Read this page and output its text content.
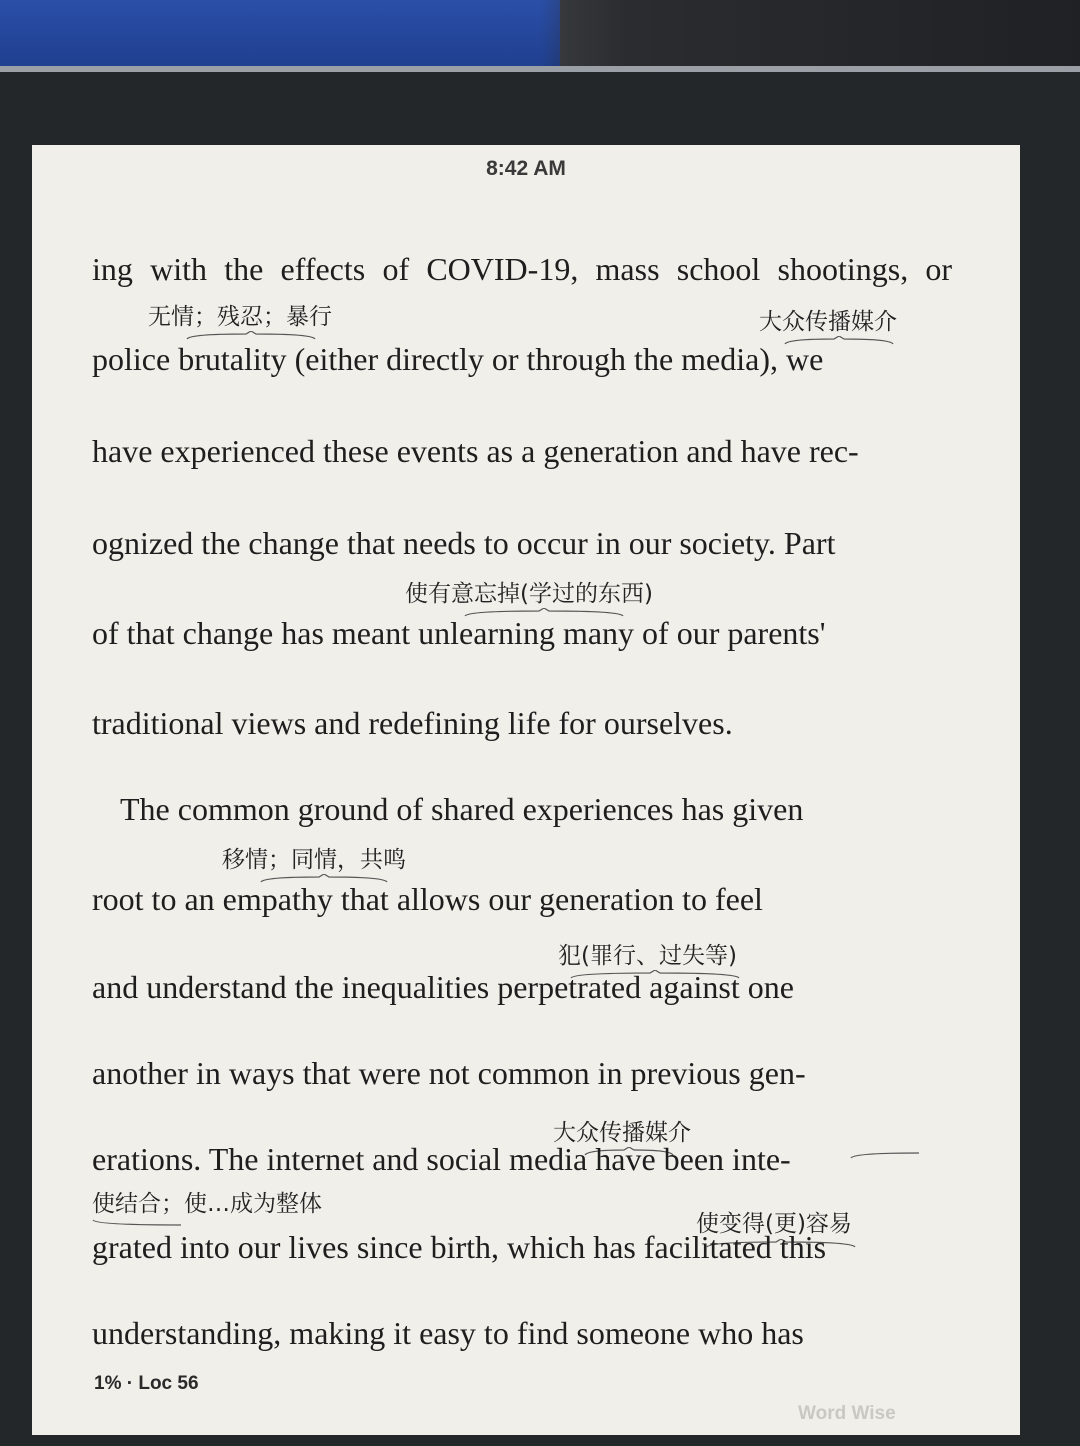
8:42 AM
无情；残忍；暴行	大众传播媒介
使有意忘掉(学过的东西)
移情；同情，共鸣
犯(罪行、过失等)
大众传播媒介
使结合；使…成为整体
使变得(更)容易
ing with the effects of COVID-19, mass school shootings, or
police brutality (either directly or through the media), we
have experienced these events as a generation and have rec-
ognized the change that needs to occur in our society. Part
of that change has meant unlearning many of our parents'
traditional views and redefining life for ourselves.
The common ground of shared experiences has given
root to an empathy that allows our generation to feel
and understand the inequalities perpetrated against one
another in ways that were not common in previous gen-
erations. The internet and social media have been inte-
grated into our lives since birth, which has facilitated this
understanding, making it easy to find someone who has
1% · Loc 56
Word Wise
